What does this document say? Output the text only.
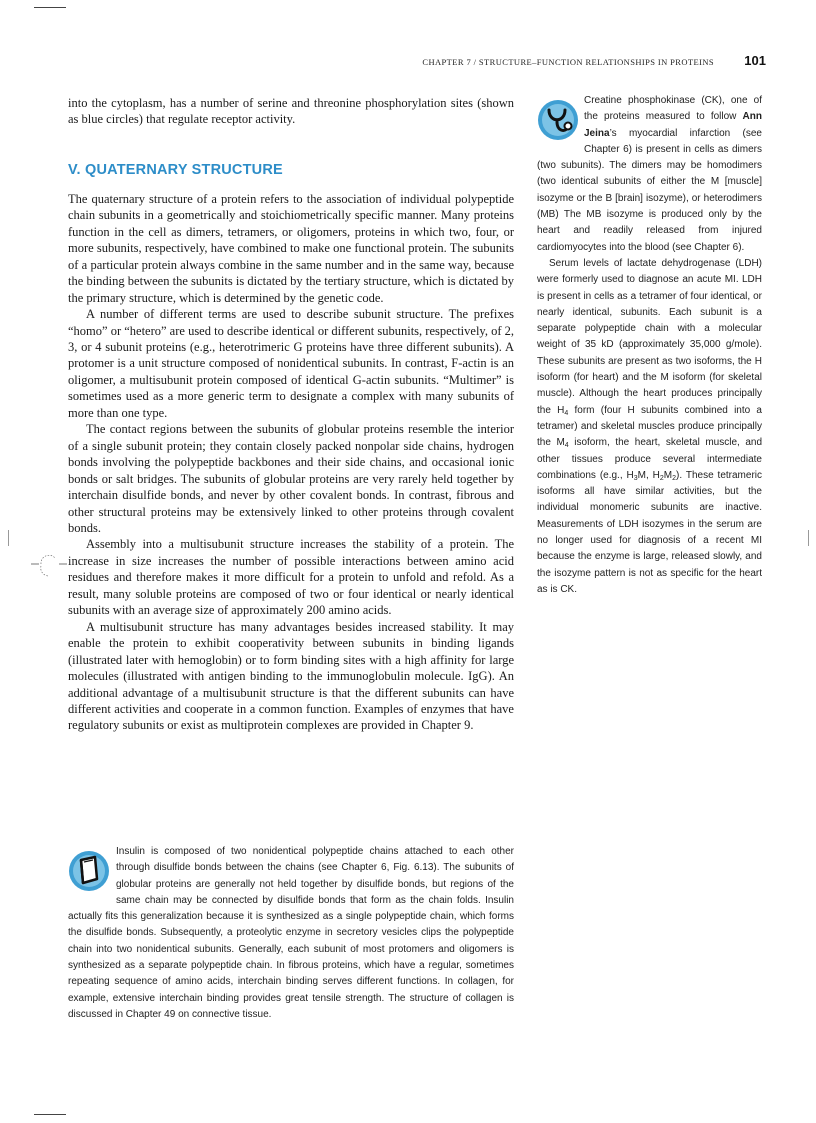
CHAPTER 7 / STRUCTURE–FUNCTION RELATIONSHIPS IN PROTEINS	101

into the cytoplasm, has a number of serine and threonine phosphorylation sites (shown as blue circles) that regulate receptor activity.

V. QUATERNARY STRUCTURE

The quaternary structure of a protein refers to the association of individual polypeptide chain subunits in a geometrically and stoichiometrically specific manner. Many proteins function in the cell as dimers, tetramers, or oligomers, proteins in which two, four, or more subunits, respectively, have combined to make one functional protein. The subunits of a particular protein always combine in the same number and in the same way, because the binding between the subunits is dictated by the tertiary structure, which is dictated by the primary structure, which is determined by the genetic code.

A number of different terms are used to describe subunit structure. The prefixes “homo” or “hetero” are used to describe identical or different subunits, respectively, of 2, 3, or 4 subunit proteins (e.g., heterotrimeric G proteins have three different subunits). A protomer is a unit structure composed of nonidentical subunits. In contrast, F-actin is an oligomer, a multisubunit protein composed of identical G-actin subunits. “Multimer” is sometimes used as a more generic term to designate a complex with many subunits of more than one type.

The contact regions between the subunits of globular proteins resemble the interior of a single subunit protein; they contain closely packed nonpolar side chains, hydrogen bonds involving the polypeptide backbones and their side chains, and occasional ionic bonds or salt bridges. The subunits of globular proteins are very rarely held together by interchain disulfide bonds, and never by other covalent bonds. In contrast, fibrous and other structural proteins may be extensively linked to other proteins through covalent bonds.

Assembly into a multisubunit structure increases the stability of a protein. The increase in size increases the number of possible interactions between amino acid residues and therefore makes it more difficult for a protein to unfold and refold. As a result, many soluble proteins are composed of two or four identical or nearly identical subunits with an average size of approximately 200 amino acids.

A multisubunit structure has many advantages besides increased stability. It may enable the protein to exhibit cooperativity between subunits in binding ligands (illustrated later with hemoglobin) or to form binding sites with a high affinity for large molecules (illustrated with antigen binding to the immunoglobulin molecule. IgG). An additional advantage of a multisubunit structure is that the different subunits can have different activities and cooperate in a common function. Examples of enzymes that have regulatory subunits or exist as multiprotein complexes are provided in Chapter 9.

Creatine phosphokinase (CK), one of the proteins measured to follow Ann Jeina’s myocardial infarction (see Chapter 6) is present in cells as dimers (two subunits). The dimers may be homodimers (two identical subunits of either the M [muscle] isozyme or the B [brain] isozyme), or heterodimers (MB) The MB isozyme is produced only by the heart and readily released from injured cardiomyocytes into the blood (see Chapter 6).

Serum levels of lactate dehydrogenase (LDH) were formerly used to diagnose an acute MI. LDH is present in cells as a tetramer of four identical, or nearly identical, subunits. Each subunit is a separate polypeptide chain with a molecular weight of 35 kD (approximately 35,000 g/mole). These subunits are present as two isoforms, the H isoform (for heart) and the M isoform (for skeletal muscle). Although the heart produces principally the $H_4$ form (four H subunits combined into a tetramer) and skeletal muscles produce principally the $M_4$ isoform, the heart, skeletal muscle, and other tissues produce several intermediate combinations (e.g., $H_3M$, $H_2M_2$). These tetrameric isoforms all have similar activities, but the individual monomeric subunits are inactive. Measurements of LDH isozymes in the serum are no longer used for diagnosis of a recent MI because the enzyme is large, released slowly, and the isozyme pattern is not as specific for the heart as is CK.

Insulin is composed of two nonidentical polypeptide chains attached to each other through disulfide bonds between the chains (see Chapter 6, Fig. 6.13). The subunits of globular proteins are generally not held together by disulfide bonds, but regions of the same chain may be connected by disulfide bonds that form as the chain folds. Insulin actually fits this generalization because it is synthesized as a single polypeptide chain, which forms the disulfide bonds. Subsequently, a proteolytic enzyme in secretory vesicles clips the polypeptide chain into two nonidentical subunits. Generally, each subunit of most protomers and oligomers is synthesized as a separate polypeptide chain. In fibrous proteins, which have a regular, sometimes repeating sequence of amino acids, interchain binding serves different functions. In collagen, for example, extensive interchain binding provides great tensile strength. The structure of collagen is discussed in Chapter 49 on connective tissue.
